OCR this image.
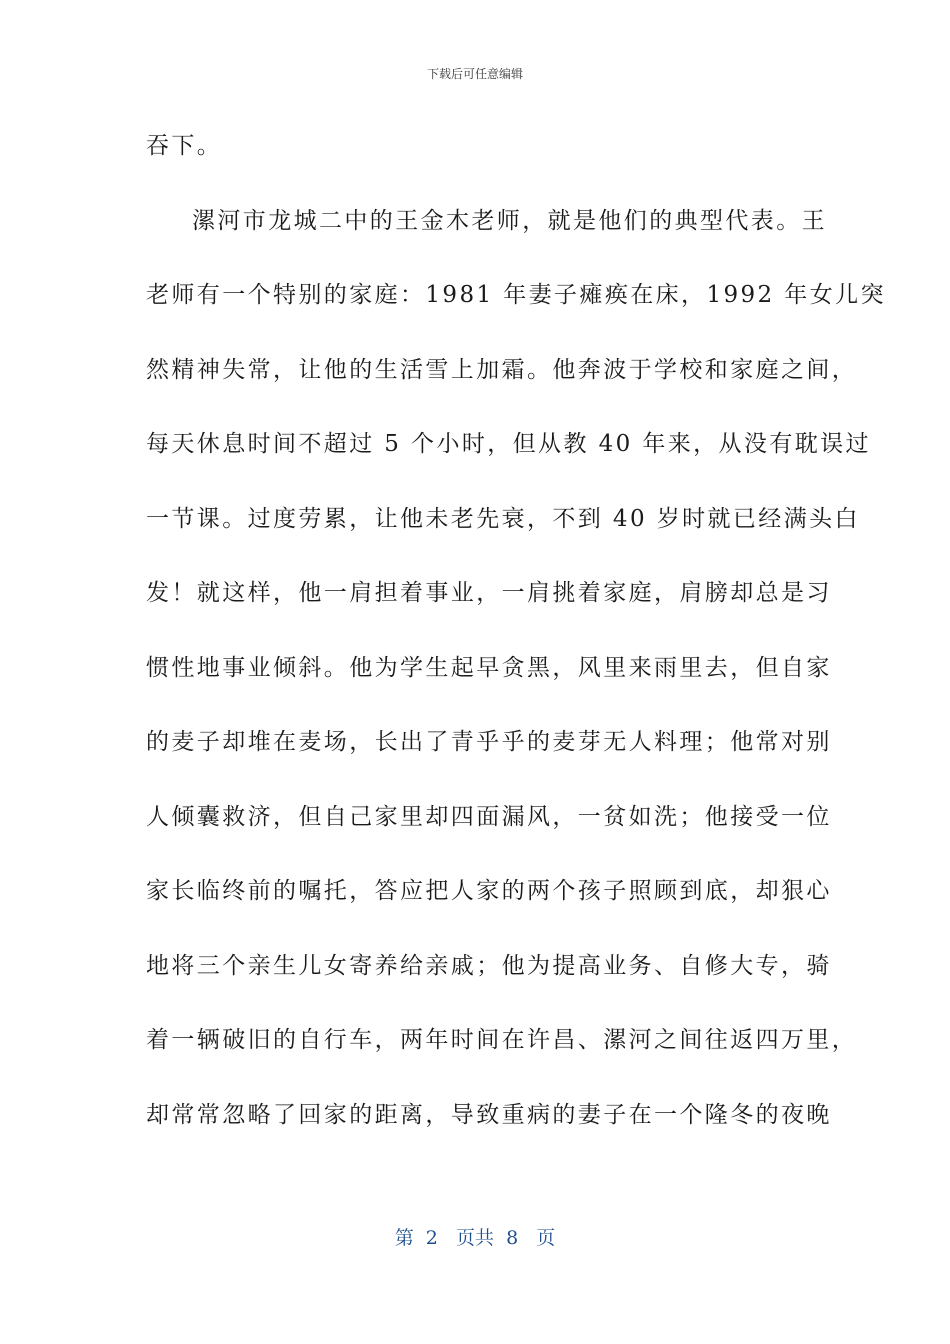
下载后可任意编辑
吞下。
漯河市龙城二中的王金木老师，就是他们的典型代表。王
老师有一个特别的家庭：1981 年妻子瘫痪在床，1992 年女儿突
然精神失常，让他的生活雪上加霜。他奔波于学校和家庭之间，
每天休息时间不超过 5 个小时，但从教 40 年来，从没有耽误过
一节课。过度劳累，让他未老先衰，不到 40 岁时就已经满头白
发！就这样，他一肩担着事业，一肩挑着家庭，肩膀却总是习
惯性地事业倾斜。他为学生起早贪黑，风里来雨里去，但自家
的麦子却堆在麦场，长出了青乎乎的麦芽无人料理；他常对别
人倾囊救济，但自己家里却四面漏风，一贫如洗；他接受一位
家长临终前的嘱托，答应把人家的两个孩子照顾到底，却狠心
地将三个亲生儿女寄养给亲戚；他为提高业务、自修大专，骑
着一辆破旧的自行车，两年时间在许昌、漯河之间往返四万里，
却常常忽略了回家的距离，导致重病的妻子在一个隆冬的夜晚
第  2   页共  8   页
